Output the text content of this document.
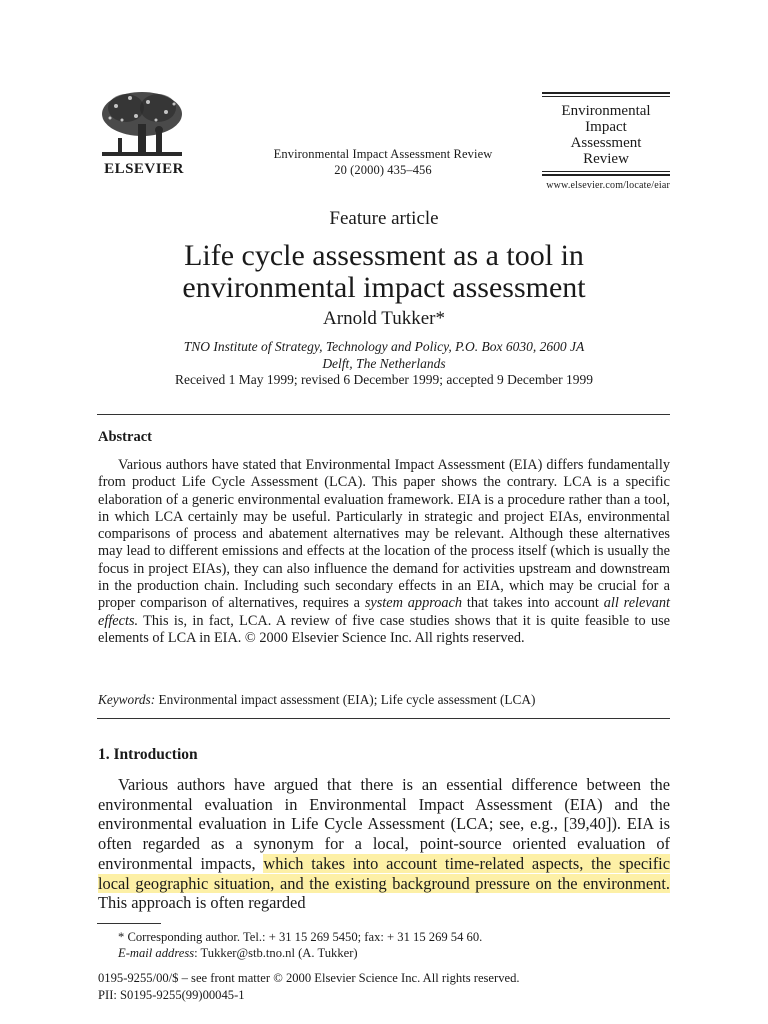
ELSEVIER
Environmental Impact Assessment Review
20 (2000) 435–456
Environmental
Impact
Assessment
Review
www.elsevier.com/locate/eiar
Feature article
Life cycle assessment as a tool in
environmental impact assessment
Arnold Tukker*
TNO Institute of Strategy, Technology and Policy, P.O. Box 6030, 2600 JA
Delft, The Netherlands
Received 1 May 1999; revised 6 December 1999; accepted 9 December 1999
Abstract
Various authors have stated that Environmental Impact Assessment (EIA) differs fundamentally from product Life Cycle Assessment (LCA). This paper shows the contrary. LCA is a specific elaboration of a generic environmental evaluation framework. EIA is a procedure rather than a tool, in which LCA certainly may be useful. Particularly in strategic and project EIAs, environmental comparisons of process and abatement alternatives may be relevant. Although these alternatives may lead to different emissions and effects at the location of the process itself (which is usually the focus in project EIAs), they can also influence the demand for activities upstream and downstream in the production chain. Including such secondary effects in an EIA, which may be crucial for a proper comparison of alternatives, requires a system approach that takes into account all relevant effects. This is, in fact, LCA. A review of five case studies shows that it is quite feasible to use elements of LCA in EIA. © 2000 Elsevier Science Inc. All rights reserved.
Keywords: Environmental impact assessment (EIA); Life cycle assessment (LCA)
1. Introduction
Various authors have argued that there is an essential difference between the environmental evaluation in Environmental Impact Assessment (EIA) and the environmental evaluation in Life Cycle Assessment (LCA; see, e.g., [39,40]). EIA is often regarded as a synonym for a local, point-source oriented evaluation of environmental impacts, which takes into account time-related aspects, the specific local geographic situation, and the existing background pressure on the environment. This approach is often regarded
* Corresponding author. Tel.: + 31 15 269 5450; fax: + 31 15 269 54 60.
E-mail address: Tukker@stb.tno.nl (A. Tukker)
0195-9255/00/$ – see front matter © 2000 Elsevier Science Inc. All rights reserved.
PII: S0195-9255(99)00045-1
